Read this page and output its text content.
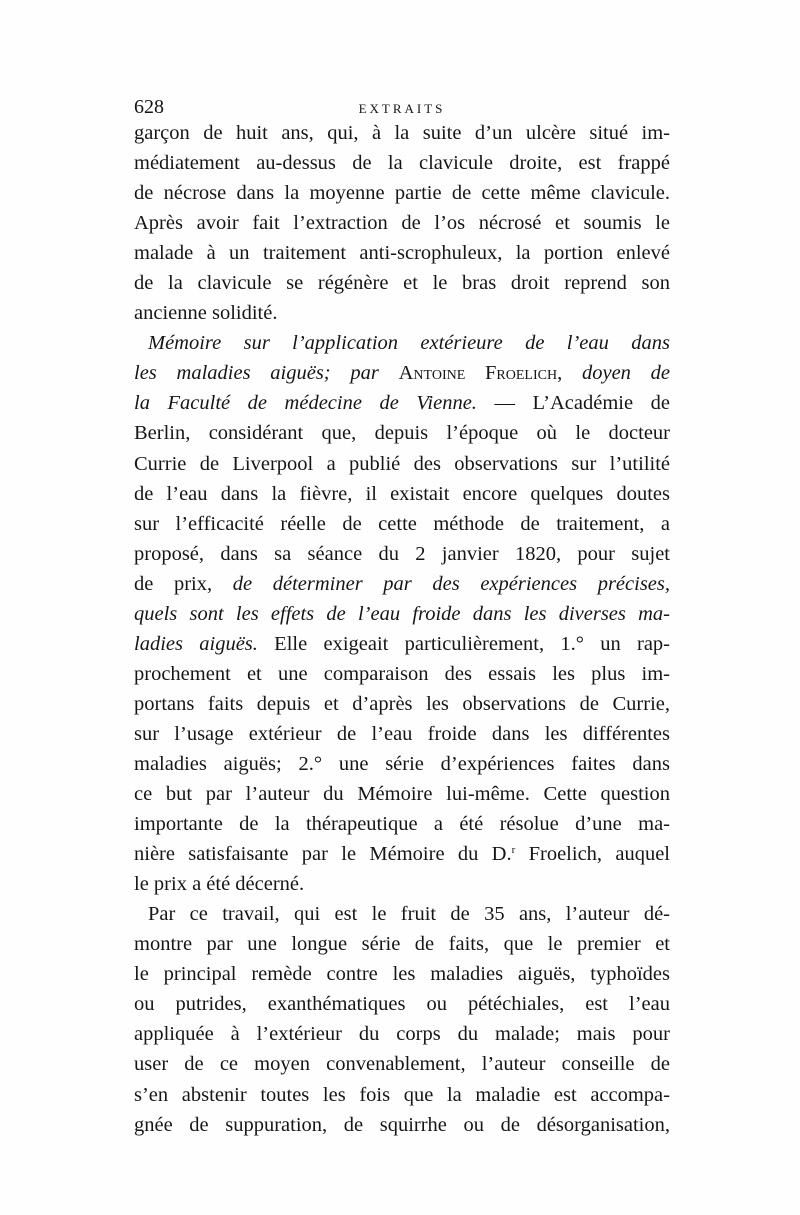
628	EXTRAITS
garçon de huit ans, qui, à la suite d’un ulcère situé im-
médiatement au-dessus de la clavicule droite, est frappé
de nécrose dans la moyenne partie de cette même clavicule.
Après avoir fait l’extraction de l’os nécrosé et soumis le
malade à un traitement anti-scrophuleux, la portion enlevé
de la clavicule se régénère et le bras droit reprend son
ancienne solidité.
Mémoire sur l’application extérieure de l’eau dans
les maladies aiguës; par Antoine Froelich, doyen de
la Faculté de médecine de Vienne. — L’Académie de
Berlin, considérant que, depuis l’époque où le docteur
Currie de Liverpool a publié des observations sur l’utilité
de l’eau dans la fièvre, il existait encore quelques doutes
sur l’efficacité réelle de cette méthode de traitement, a
proposé, dans sa séance du 2 janvier 1820, pour sujet
de prix, de déterminer par des expériences précises,
quels sont les effets de l’eau froide dans les diverses ma-
ladies aiguës. Elle exigeait particulièrement, 1.° un rap-
prochement et une comparaison des essais les plus im-
portans faits depuis et d’après les observations de Currie,
sur l’usage extérieur de l’eau froide dans les différentes
maladies aiguës; 2.° une série d’expériences faites dans
ce but par l’auteur du Mémoire lui-même. Cette question
importante de la thérapeutique a été résolue d’une ma-
nière satisfaisante par le Mémoire du D.$^r$ Froelich, auquel
le prix a été décerné.
Par ce travail, qui est le fruit de 35 ans, l’auteur dé-
montre par une longue série de faits, que le premier et
le principal remède contre les maladies aiguës, typhoïdes
ou putrides, exanthématiques ou pétéchiales, est l’eau
appliquée à l’extérieur du corps du malade; mais pour
user de ce moyen convenablement, l’auteur conseille de
s’en abstenir toutes les fois que la maladie est accompa-
gnée de suppuration, de squirrhe ou de désorganisation,
